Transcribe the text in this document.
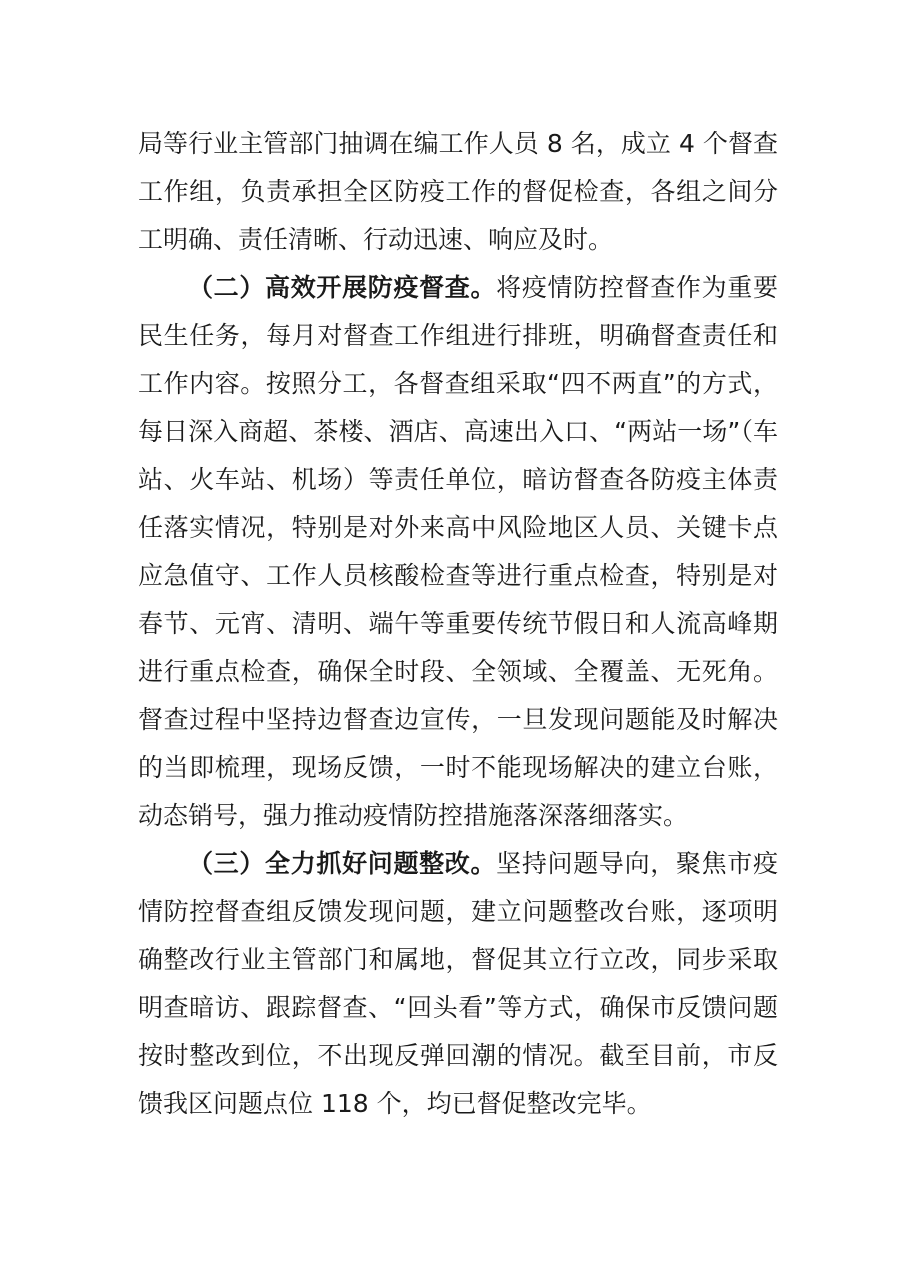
局等行业主管部门抽调在编工作人员 8 名，成立 4 个督查工作组，负责承担全区防疫工作的督促检查，各组之间分工明确、责任清晰、行动迅速、响应及时。

（二）高效开展防疫督查。将疫情防控督查作为重要民生任务，每月对督查工作组进行排班，明确督查责任和工作内容。按照分工，各督查组采取“四不两直”的方式，每日深入商超、茶楼、酒店、高速出入口、“两站一场”（车站、火车站、机场）等责任单位，暗访督查各防疫主体责任落实情况，特别是对外来高中风险地区人员、关键卡点应急值守、工作人员核酸检查等进行重点检查，特别是对春节、元宵、清明、端午等重要传统节假日和人流高峰期进行重点检查，确保全时段、全领域、全覆盖、无死角。督查过程中坚持边督查边宣传，一旦发现问题能及时解决的当即梳理，现场反馈，一时不能现场解决的建立台账，动态销号，强力推动疫情防控措施落深落细落实。

（三）全力抓好问题整改。坚持问题导向，聚焦市疫情防控督查组反馈发现问题，建立问题整改台账，逐项明确整改行业主管部门和属地，督促其立行立改，同步采取明查暗访、跟踪督查、“回头看”等方式，确保市反馈问题按时整改到位，不出现反弹回潮的情况。截至目前，市反馈我区问题点位 118 个，均已督促整改完毕。
